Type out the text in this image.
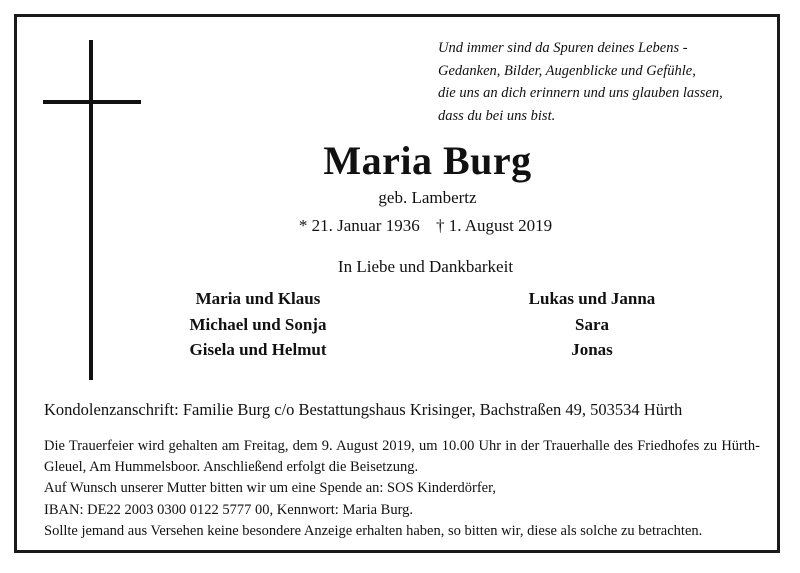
Und immer sind da Spuren deines Lebens -
Gedanken, Bilder, Augenblicke und Gefühle,
die uns an dich erinnern und uns glauben lassen,
dass du bei uns bist.
Maria Burg
geb. Lambertz
* 21. Januar 1936 † 1. August 2019
In Liebe und Dankbarkeit
Maria und Klaus
Michael und Sonja
Gisela und Helmut
Lukas und Janna
Sara
Jonas
Kondolenzanschrift: Familie Burg c/o Bestattungshaus Krisinger, Bachstraßen 49, 503534 Hürth
Die Trauerfeier wird gehalten am Freitag, dem 9. August 2019, um 10.00 Uhr in der Trauerhalle des Friedhofes zu Hürth-Gleuel, Am Hummelsboor. Anschließend erfolgt die Beisetzung.
Auf Wunsch unserer Mutter bitten wir um eine Spende an: SOS Kinderdörfer,
IBAN: DE22 2003 0300 0122 5777 00, Kennwort: Maria Burg.
Sollte jemand aus Versehen keine besondere Anzeige erhalten haben, so bitten wir, diese als solche zu betrachten.
